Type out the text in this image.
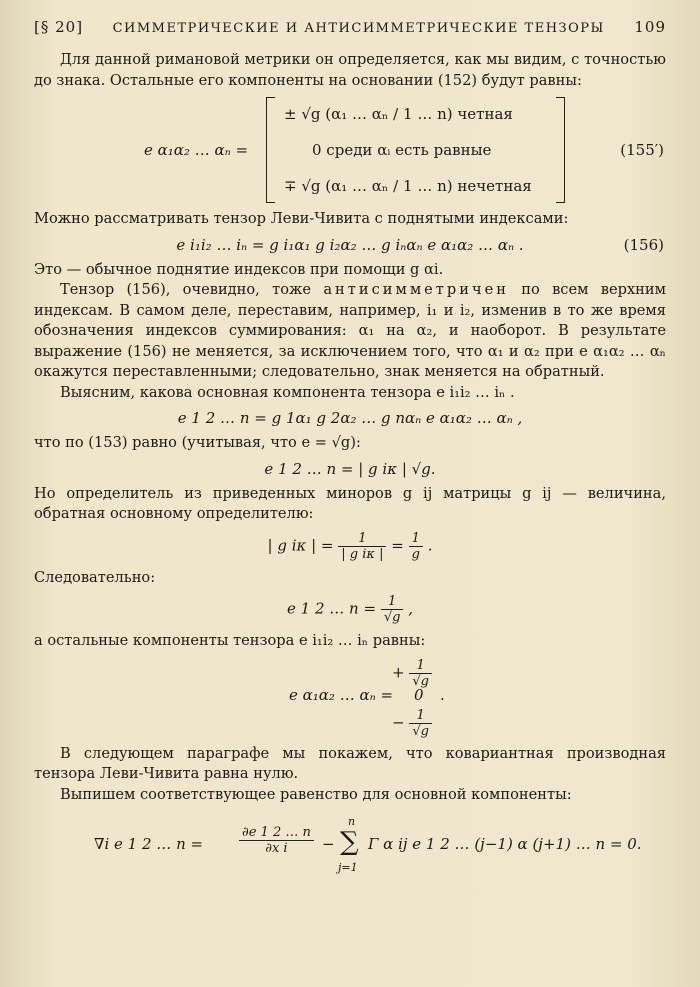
[§ 20] СИММЕТРИЧЕСКИЕ И АНТИСИММЕТРИЧЕСКИЕ ТЕНЗОРЫ 109

Для данной римановой метрики он определяется, как мы видим, с точностью до знака. Остальные его компоненты на основании (152) будут равны:

e α₁α₂ … αₙ =
± √g (α₁ … αₙ / 1 … n) четная
0 среди αᵢ есть равные
∓ √g (α₁ … αₙ / 1 … n) нечетная
(155′)

Можно рассматривать тензор Леви-Чивита с поднятыми индексами:

e i₁i₂ … iₙ = g i₁α₁ g i₂α₂ … g iₙαₙ e α₁α₂ … αₙ .	(156)

Это — обычное поднятие индексов при помощи g αi.

Тензор (156), очевидно, тоже антисимметричен по всем верхним индексам. В самом деле, переставим, например, i₁ и i₂, изменив в то же время обозначения индексов суммирования: α₁ на α₂, и наоборот. В результате выражение (156) не меняется, за исключением того, что α₁ и α₂ при e α₁α₂ … αₙ окажутся переставленными; следовательно, знак меняется на обратный.

Выясним, какова основная компонента тензора e i₁i₂ … iₙ .

e 1 2 … n = g 1α₁ g 2α₂ … g nαₙ e α₁α₂ … αₙ ,

что по (153) равно (учитывая, что e = √g):

e 1 2 … n = | g iκ | √g.

Но определитель из приведенных миноров g ij матрицы g ij — величина, обратная основному определителю:

| g iκ | = $\frac{1}{\text{| g iκ |}} = \frac{1}{g}$ .

Следовательно:

e 1 2 … $n = \frac{1}{√g}$ ,

а остальные компоненты тензора e i₁i₂ … iₙ равны:

e α₁α₂ … αₙ =
+ $\frac{1}{√g}$
0 .
− $\frac{1}{√g}$

В следующем параграфе мы покажем, что ковариантная производная тензора Леви-Чивита равна нулю.

Выпишем соответствующее равенство для основной компоненты:

∇i e 1 2 … n =	$\frac{\partial e 1 2 \dots n}{\text{∂x i}}$ −
n
∑
j=1
Γ α ij e 1 2 … (j−1) α (j+1) … n = 0.
